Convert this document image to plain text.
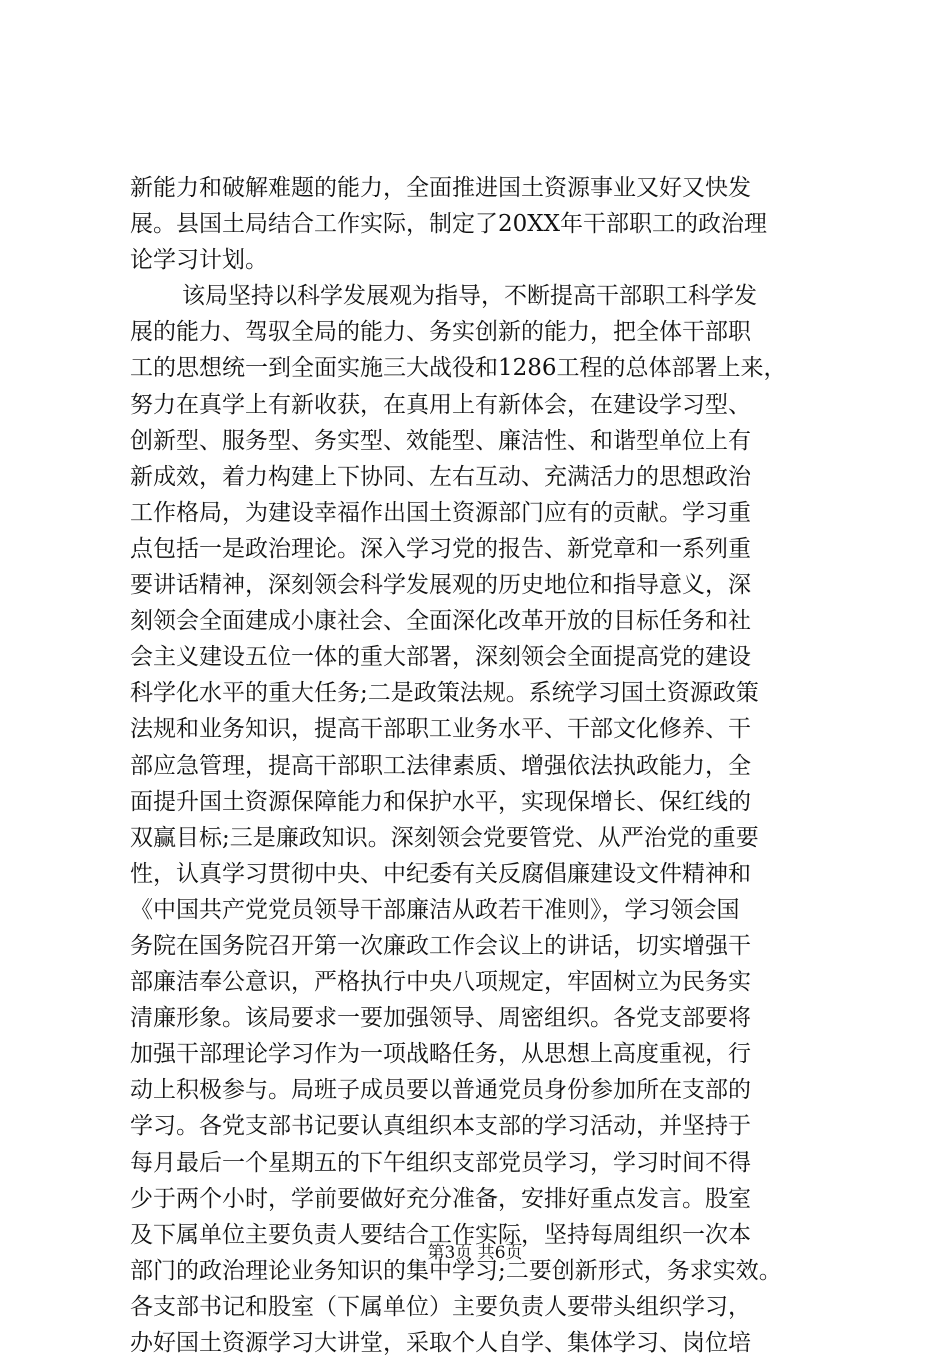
新能力和破解难题的能力，全面推进国土资源事业又好又快发
展。县国土局结合工作实际，制定了20XX年干部职工的政治理
论学习计划。
该局坚持以科学发展观为指导，不断提高干部职工科学发
展的能力、驾驭全局的能力、务实创新的能力，把全体干部职
工的思想统一到全面实施三大战役和1286工程的总体部署上来，
努力在真学上有新收获，在真用上有新体会，在建设学习型、
创新型、服务型、务实型、效能型、廉洁性、和谐型单位上有
新成效，着力构建上下协同、左右互动、充满活力的思想政治
工作格局，为建设幸福作出国土资源部门应有的贡献。学习重
点包括一是政治理论。深入学习党的报告、新党章和一系列重
要讲话精神，深刻领会科学发展观的历史地位和指导意义，深
刻领会全面建成小康社会、全面深化改革开放的目标任务和社
会主义建设五位一体的重大部署，深刻领会全面提高党的建设
科学化水平的重大任务;二是政策法规。系统学习国土资源政策
法规和业务知识，提高干部职工业务水平、干部文化修养、干
部应急管理，提高干部职工法律素质、增强依法执政能力，全
面提升国土资源保障能力和保护水平，实现保增长、保红线的
双赢目标;三是廉政知识。深刻领会党要管党、从严治党的重要
性，认真学习贯彻中央、中纪委有关反腐倡廉建设文件精神和
《中国共产党党员领导干部廉洁从政若干准则》，学习领会国
务院在国务院召开第一次廉政工作会议上的讲话，切实增强干
部廉洁奉公意识，严格执行中央八项规定，牢固树立为民务实
清廉形象。该局要求一要加强领导、周密组织。各党支部要将
加强干部理论学习作为一项战略任务，从思想上高度重视，行
动上积极参与。局班子成员要以普通党员身份参加所在支部的
学习。各党支部书记要认真组织本支部的学习活动，并坚持于
每月最后一个星期五的下午组织支部党员学习，学习时间不得
少于两个小时，学前要做好充分准备，安排好重点发言。股室
及下属单位主要负责人要结合工作实际，坚持每周组织一次本
部门的政治理论业务知识的集中学习;二要创新形式，务求实效。
各支部书记和股室（下属单位）主要负责人要带头组织学习，
办好国土资源学习大讲堂，采取个人自学、集体学习、岗位培
第3页 共6页
